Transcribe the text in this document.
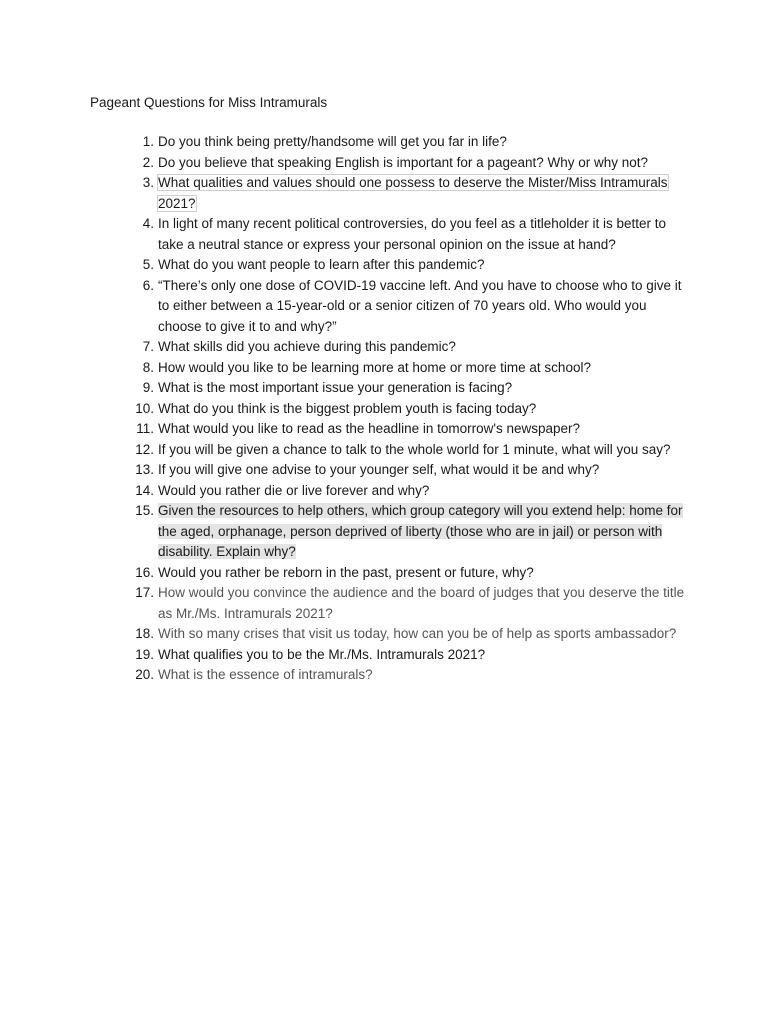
Pageant Questions for Miss Intramurals
1. Do you think being pretty/handsome will get you far in life?
2. Do you believe that speaking English is important for a pageant? Why or why not?
3. What qualities and values should one possess to deserve the Mister/Miss Intramurals 2021?
4. In light of many recent political controversies, do you feel as a titleholder it is better to take a neutral stance or express your personal opinion on the issue at hand?
5. What do you want people to learn after this pandemic?
6. “There’s only one dose of COVID-19 vaccine left. And you have to choose who to give it to either between a 15-year-old or a senior citizen of 70 years old. Who would you choose to give it to and why?”
7. What skills did you achieve during this pandemic?
8. How would you like to be learning more at home or more time at school?
9. What is the most important issue your generation is facing?
10. What do you think is the biggest problem youth is facing today?
11. What would you like to read as the headline in tomorrow's newspaper?
12. If you will be given a chance to talk to the whole world for 1 minute, what will you say?
13. If you will give one advise to your younger self, what would it be and why?
14. Would you rather die or live forever and why?
15. Given the resources to help others, which group category will you extend help: home for the aged, orphanage, person deprived of liberty (those who are in jail) or person with disability. Explain why?
16. Would you rather be reborn in the past, present or future, why?
17. How would you convince the audience and the board of judges that you deserve the title as Mr./Ms. Intramurals 2021?
18. With so many crises that visit us today, how can you be of help as sports ambassador?
19. What qualifies you to be the Mr./Ms. Intramurals 2021?
20. What is the essence of intramurals?
